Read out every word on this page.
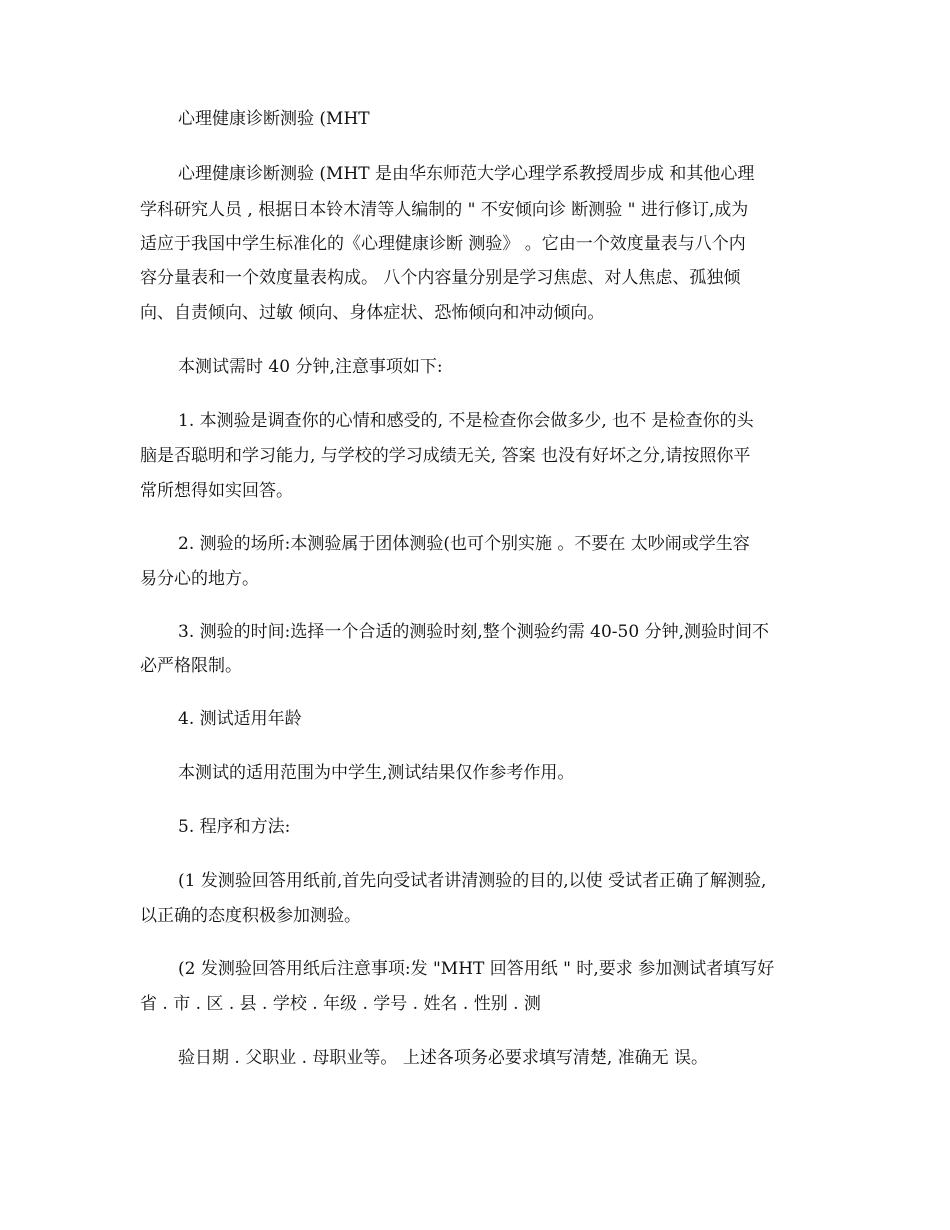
心理健康诊断测验 (MHT

心理健康诊断测验 (MHT 是由华东师范大学心理学系教授周步成 和其他心理

学科研究人员 , 根据日本铃木清等人编制的 " 不安倾向诊 断测验 " 进行修订,成为

适应于我国中学生标准化的《心理健康诊断 测验》 。它由一个效度量表与八个内

容分量表和一个效度量表构成。 八个内容量分别是学习焦虑、对人焦虑、孤独倾

向、自责倾向、过敏 倾向、身体症状、恐怖倾向和冲动倾向。

本测试需时 40 分钟,注意事项如下:

1. 本测验是调查你的心情和感受的, 不是检查你会做多少, 也不 是检查你的头

脑是否聪明和学习能力, 与学校的学习成绩无关, 答案 也没有好坏之分,请按照你平

常所想得如实回答。

2. 测验的场所:本测验属于团体测验(也可个别实施 。不要在 太吵闹或学生容

易分心的地方。

3. 测验的时间:选择一个合适的测验时刻,整个测验约需 40-50 分钟,测验时间不

必严格限制。

4. 测试适用年龄

本测试的适用范围为中学生,测试结果仅作参考作用。

5. 程序和方法:

(1 发测验回答用纸前,首先向受试者讲清测验的目的,以使 受试者正确了解测验,

以正确的态度积极参加测验。

(2 发测验回答用纸后注意事项:发 "MHT 回答用纸 " 时,要求 参加测试者填写好

省 . 市 . 区 . 县 . 学校 . 年级 . 学号 . 姓名 . 性别 . 测

验日期 . 父职业 . 母职业等。 上述各项务必要求填写清楚, 准确无 误。
